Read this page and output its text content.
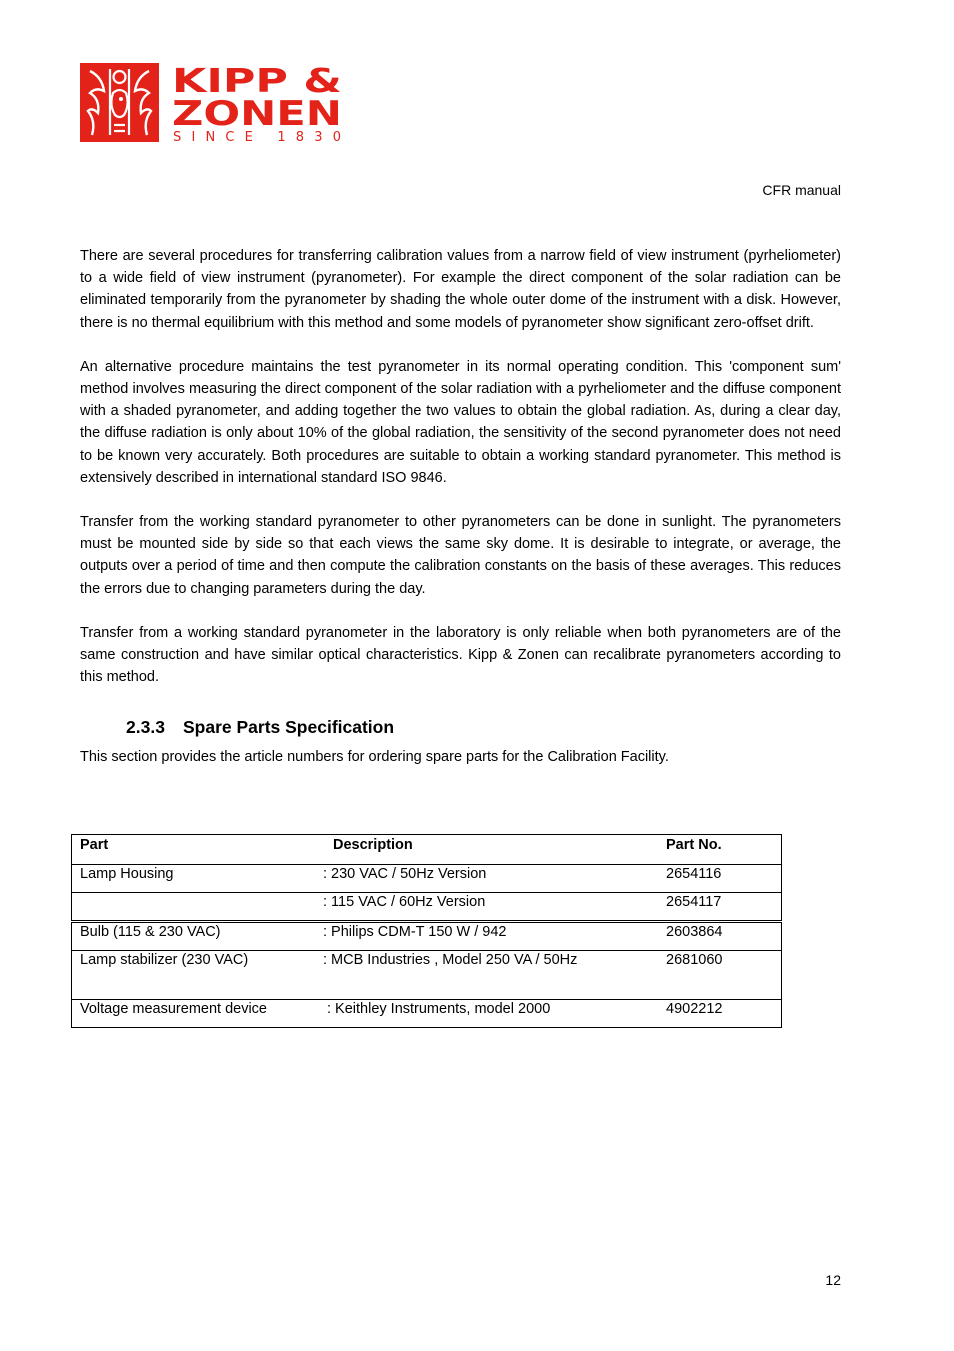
KIPP &
ZONEN
SINCE 1830
CFR manual

There are several procedures for transferring calibration values from a narrow field of view instrument (pyrheliometer) to a wide field of view instrument (pyranometer). For example the direct component of the solar radiation can be eliminated temporarily from the pyranometer by shading the whole outer dome of the instrument with a disk. However, there is no thermal equilibrium with this method and some models of pyranometer show significant zero-offset drift.

An alternative procedure maintains the test pyranometer in its normal operating condition. This 'component sum' method involves measuring the direct component of the solar radiation with a pyrheliometer and the diffuse component with a shaded pyranometer, and adding together the two values to obtain the global radiation. As, during a clear day, the diffuse radiation is only about 10% of the global radiation, the sensitivity of the second pyranometer does not need to be known very accurately. Both procedures are suitable to obtain a working standard pyranometer. This method is extensively described in international standard ISO 9846.

Transfer from the working standard pyranometer to other pyranometers can be done in sunlight. The pyranometers must be mounted side by side so that each views the same sky dome. It is desirable to integrate, or average, the outputs over a period of time and then compute the calibration constants on the basis of these averages. This reduces the errors due to changing parameters during the day.

Transfer from a working standard pyranometer in the laboratory is only reliable when both pyranometers are of the same construction and have similar optical characteristics. Kipp & Zonen can recalibrate pyranometers according to this method.

2.3.3 Spare Parts Specification

This section provides the article numbers for ordering spare parts for the Calibration Facility.

Part	Description	Part No.
Lamp Housing	: 230 VAC / 50Hz Version	2654116
	: 115 VAC / 60Hz Version	2654117
Bulb (115 & 230 VAC)	: Philips CDM-T 150 W / 942	2603864
Lamp stabilizer (230 VAC)	: MCB Industries , Model 250 VA / 50Hz	2681060
Voltage measurement device	: Keithley Instruments, model 2000	4902212
12
